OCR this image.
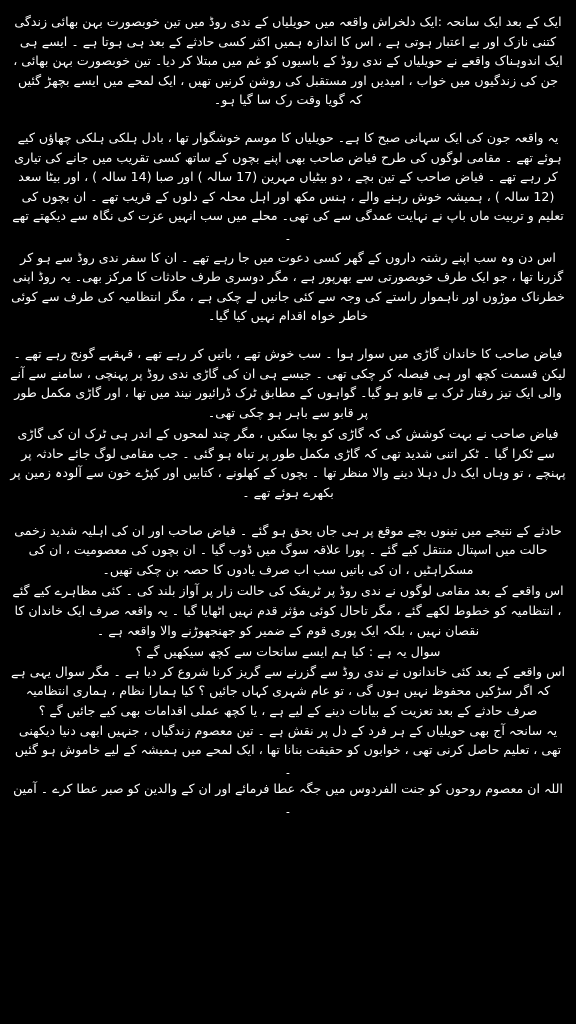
ایک کے بعد ایک سانحہ :ایک دلخراش واقعہ میں حویلیاں کے ندی روڈ میں تین خوبصورت بہن بھائی زندگی کتنی نازک اور بے اعتبار ہوتی ہے ، اس کا اندازہ ہمیں اکثر کسی حادثے کے بعد ہی ہوتا ہے ۔ ایسے ہی ایک اندوہناک واقعے نے حویلیاں کے ندی روڈ کے باسیوں کو غم میں مبتلا کر دیا۔ تین خوبصورت بہن بھائی ، جن کی زندگیوں میں خواب ، امیدیں اور مستقبل کی روشن کرنیں تھیں ، ایک لمحے میں ایسے بچھڑ گئیں کہ گویا وقت رک سا گیا ہو۔

یہ واقعہ جون کی ایک سہانی صبح کا ہے۔ حویلیاں کا موسم خوشگوار تھا ، بادل ہلکی ہلکی چھاؤں کیے ہوئے تھے ۔ مقامی لوگوں کی طرح فیاض صاحب بھی اپنے بچوں کے ساتھ کسی تقریب میں جانے کی تیاری کر رہے تھے ۔ فیاض صاحب کے تین بچے ، دو بیٹیاں مہرین (17 سالہ ) اور صبا (14 سالہ ) ، اور بیٹا سعد (12 سالہ ) ، ہمیشہ خوش رہنے والے ، ہنس مکھ اور اہل محلہ کے دلوں کے قریب تھے ۔ ان بچوں کی تعلیم و تربیت ماں باپ نے نہایت عمدگی سے کی تھی۔ محلے میں سب انہیں عزت کی نگاہ سے دیکھتے تھے ۔

اس دن وہ سب اپنے رشتہ داروں کے گھر کسی دعوت میں جا رہے تھے ۔ ان کا سفر ندی روڈ سے ہو کر گزرنا تھا ، جو ایک طرف خوبصورتی سے بھرپور ہے ، مگر دوسری طرف حادثات کا مرکز بھی۔ یہ روڈ اپنی خطرناک موڑوں اور ناہموار راستے کی وجہ سے کئی جانیں لے چکی ہے ، مگر انتظامیہ کی طرف سے کوئی خاطر خواہ اقدام نہیں کیا گیا۔

فیاض صاحب کا خاندان گاڑی میں سوار ہوا ۔ سب خوش تھے ، باتیں کر رہے تھے ، قہقہے گونج رہے تھے ۔ لیکن قسمت کچھ اور ہی فیصلہ کر چکی تھی ۔ جیسے ہی ان کی گاڑی ندی روڈ پر پہنچی ، سامنے سے آنے والی ایک تیز رفتار ٹرک بے قابو ہو گیا۔ گواہوں کے مطابق ٹرک ڈرائیور نیند میں تھا ، اور گاڑی مکمل طور پر قابو سے باہر ہو چکی تھی۔

فیاض صاحب نے بہت کوشش کی کہ گاڑی کو بچا سکیں ، مگر چند لمحوں کے اندر ہی ٹرک ان کی گاڑی سے ٹکرا گیا ۔ ٹکر اتنی شدید تھی کہ گاڑی مکمل طور پر تباہ ہو گئی ۔ جب مقامی لوگ جائے حادثہ پر پہنچے ، تو وہاں ایک دل دہلا دینے والا منظر تھا ۔ بچوں کے کھلونے ، کتابیں اور کپڑے خون سے آلودہ زمین پر بکھرے ہوئے تھے ۔

حادثے کے نتیجے میں تینوں بچے موقع پر ہی جاں بحق ہو گئے ۔ فیاض صاحب اور ان کی اہلیہ شدید زخمی حالت میں اسپتال منتقل کیے گئے ۔ پورا علاقہ سوگ میں ڈوب گیا ۔ ان بچوں کی معصومیت ، ان کی مسکراہٹیں ، ان کی باتیں سب اب صرف یادوں کا حصہ بن چکی تھیں۔

اس واقعے کے بعد مقامی لوگوں نے ندی روڈ پر ٹریفک کی حالت زار پر آواز بلند کی ۔ کئی مظاہرے کیے گئے ، انتظامیہ کو خطوط لکھے گئے ، مگر تاحال کوئی مؤثر قدم نہیں اٹھایا گیا ۔ یہ واقعہ صرف ایک خاندان کا نقصان نہیں ، بلکہ ایک پوری قوم کے ضمیر کو جھنجھوڑنے والا واقعہ ہے ۔

سوال یہ ہے : کیا ہم ایسے سانحات سے کچھ سیکھیں گے ؟

اس واقعے کے بعد کئی خاندانوں نے ندی روڈ سے گزرنے سے گریز کرنا شروع کر دیا ہے ۔ مگر سوال یہی ہے کہ اگر سڑکیں محفوظ نہیں ہوں گی ، تو عام شہری کہاں جائیں ؟ کیا ہمارا نظام ، ہماری انتظامیہ صرف حادثے کے بعد تعزیت کے بیانات دینے کے لیے ہے ، یا کچھ عملی اقدامات بھی کیے جائیں گے ؟

یہ سانحہ آج بھی حویلیاں کے ہر فرد کے دل پر نقش ہے ۔ تین معصوم زندگیاں ، جنہیں ابھی دنیا دیکھنی تھی ، تعلیم حاصل کرنی تھی ، خوابوں کو حقیقت بنانا تھا ، ایک لمحے میں ہمیشہ کے لیے خاموش ہو گئیں ۔

اللہ ان معصوم روحوں کو جنت الفردوس میں جگہ عطا فرمائے اور ان کے والدین کو صبر عطا کرے ۔ آمین ۔
